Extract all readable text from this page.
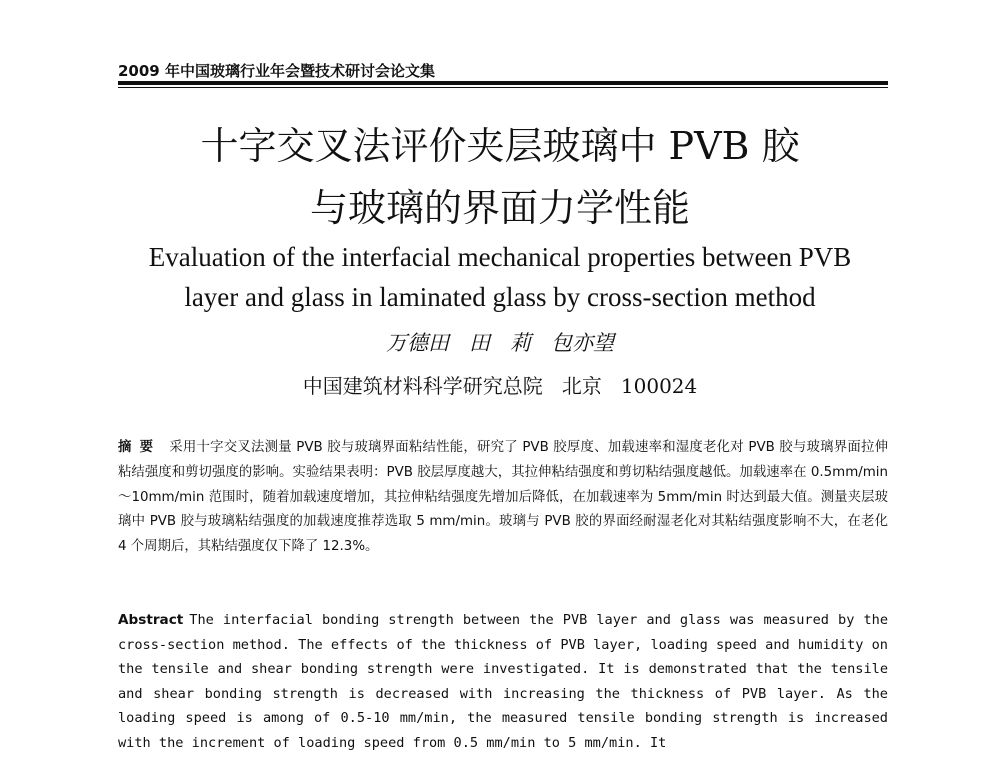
2009 年中国玻璃行业年会暨技术研讨会论文集
十字交叉法评价夹层玻璃中 PVB 胶
与玻璃的界面力学性能
Evaluation of the interfacial mechanical properties between PVB
layer and glass in laminated glass by cross-section method
万德田   田   莉   包亦望
中国建筑材料科学研究总院   北京   100024

摘要 采用十字交叉法测量 PVB 胶与玻璃界面粘结性能，研究了 PVB 胶厚度、加载速率和湿度老化对 PVB 胶与玻璃界面拉伸粘结强度和剪切强度的影响。实验结果表明：PVB 胶层厚度越大，其拉伸粘结强度和剪切粘结强度越低。加载速率在 0.5mm/min～10mm/min 范围时，随着加载速度增加，其拉伸粘结强度先增加后降低，在加载速率为 5mm/min 时达到最大值。测量夹层玻璃中 PVB 胶与玻璃粘结强度的加载速度推荐选取 5 mm/min。玻璃与 PVB 胶的界面经耐湿老化对其粘结强度影响不大，在老化 4 个周期后，其粘结强度仅下降了 12.3%。

Abstract The interfacial bonding strength between the PVB layer and glass was measured by the cross-section method. The effects of the thickness of PVB layer, loading speed and humidity on the tensile and shear bonding strength were investigated. It is demonstrated that the tensile and shear bonding strength is decreased with increasing the thickness of PVB layer. As the loading speed is among of 0.5-10 mm/min, the measured tensile bonding strength is increased with the increment of loading speed from 0.5 mm/min to 5 mm/min. It
